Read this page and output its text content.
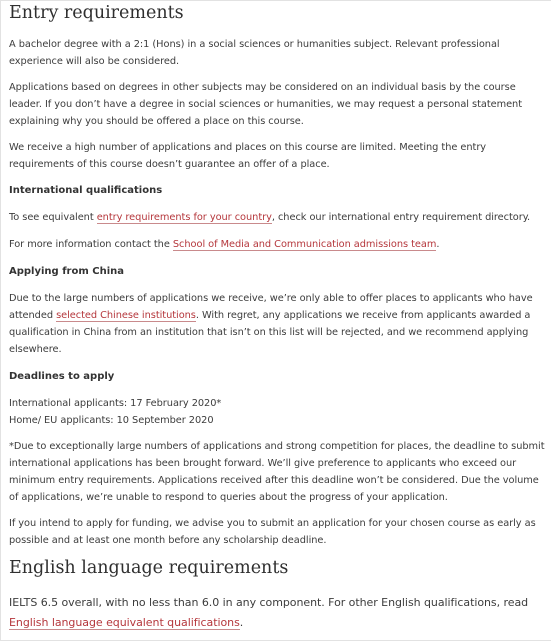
Entry requirements

A bachelor degree with a 2:1 (Hons) in a social sciences or humanities subject. Relevant professional experience will also be considered.

Applications based on degrees in other subjects may be considered on an individual basis by the course leader. If you don’t have a degree in social sciences or humanities, we may request a personal statement explaining why you should be offered a place on this course.

We receive a high number of applications and places on this course are limited. Meeting the entry requirements of this course doesn’t guarantee an offer of a place.

International qualifications

To see equivalent entry requirements for your country, check our international entry requirement directory.

For more information contact the School of Media and Communication admissions team.

Applying from China

Due to the large numbers of applications we receive, we’re only able to offer places to applicants who have attended selected Chinese institutions. With regret, any applications we receive from applicants awarded a qualification in China from an institution that isn’t on this list will be rejected, and we recommend applying elsewhere.

Deadlines to apply

International applicants: 17 February 2020*

Home/ EU applicants: 10 September 2020

*Due to exceptionally large numbers of applications and strong competition for places, the deadline to submit international applications has been brought forward. We’ll give preference to applicants who exceed our minimum entry requirements. Applications received after this deadline won’t be considered. Due the volume of applications, we’re unable to respond to queries about the progress of your application.

If you intend to apply for funding, we advise you to submit an application for your chosen course as early as possible and at least one month before any scholarship deadline.

English language requirements

IELTS 6.5 overall, with no less than 6.0 in any component. For other English qualifications, read English language equivalent qualifications.
